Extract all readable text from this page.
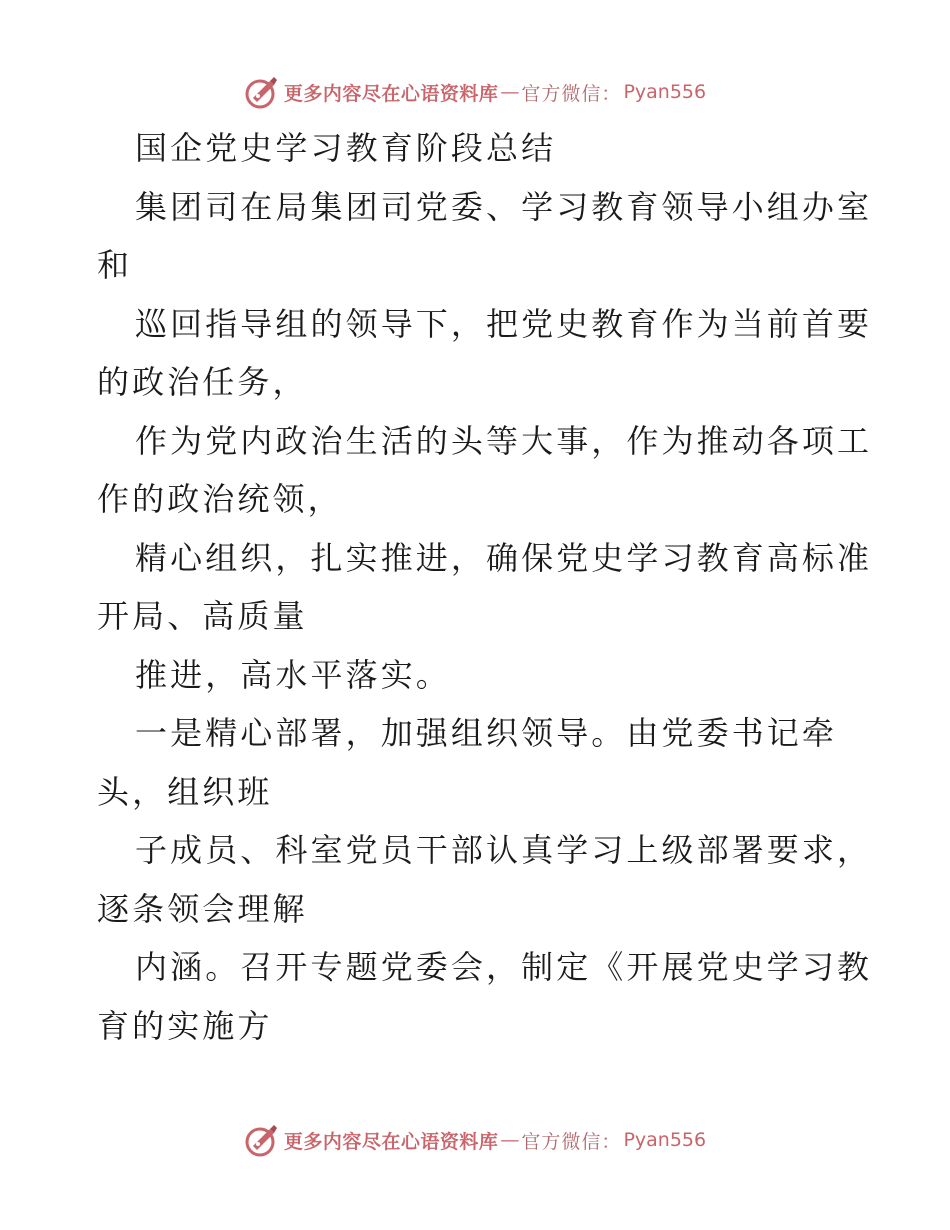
更多内容尽在心语资料库 — 官方微信： Pyan556
国企党史学习教育阶段总结
集团司在局集团司党委、学习教育领导小组办室
和
巡回指导组的领导下，把党史教育作为当前首要
的政治任务，
作为党内政治生活的头等大事，作为推动各项工
作的政治统领，
精心组织，扎实推进，确保党史学习教育高标准
开局、高质量
推进，高水平落实。
一是精心部署，加强组织领导。由党委书记牵
头，组织班
子成员、科室党员干部认真学习上级部署要求，
逐条领会理解
内涵。召开专题党委会，制定《开展党史学习教
育的实施方
更多内容尽在心语资料库 — 官方微信： Pyan556
